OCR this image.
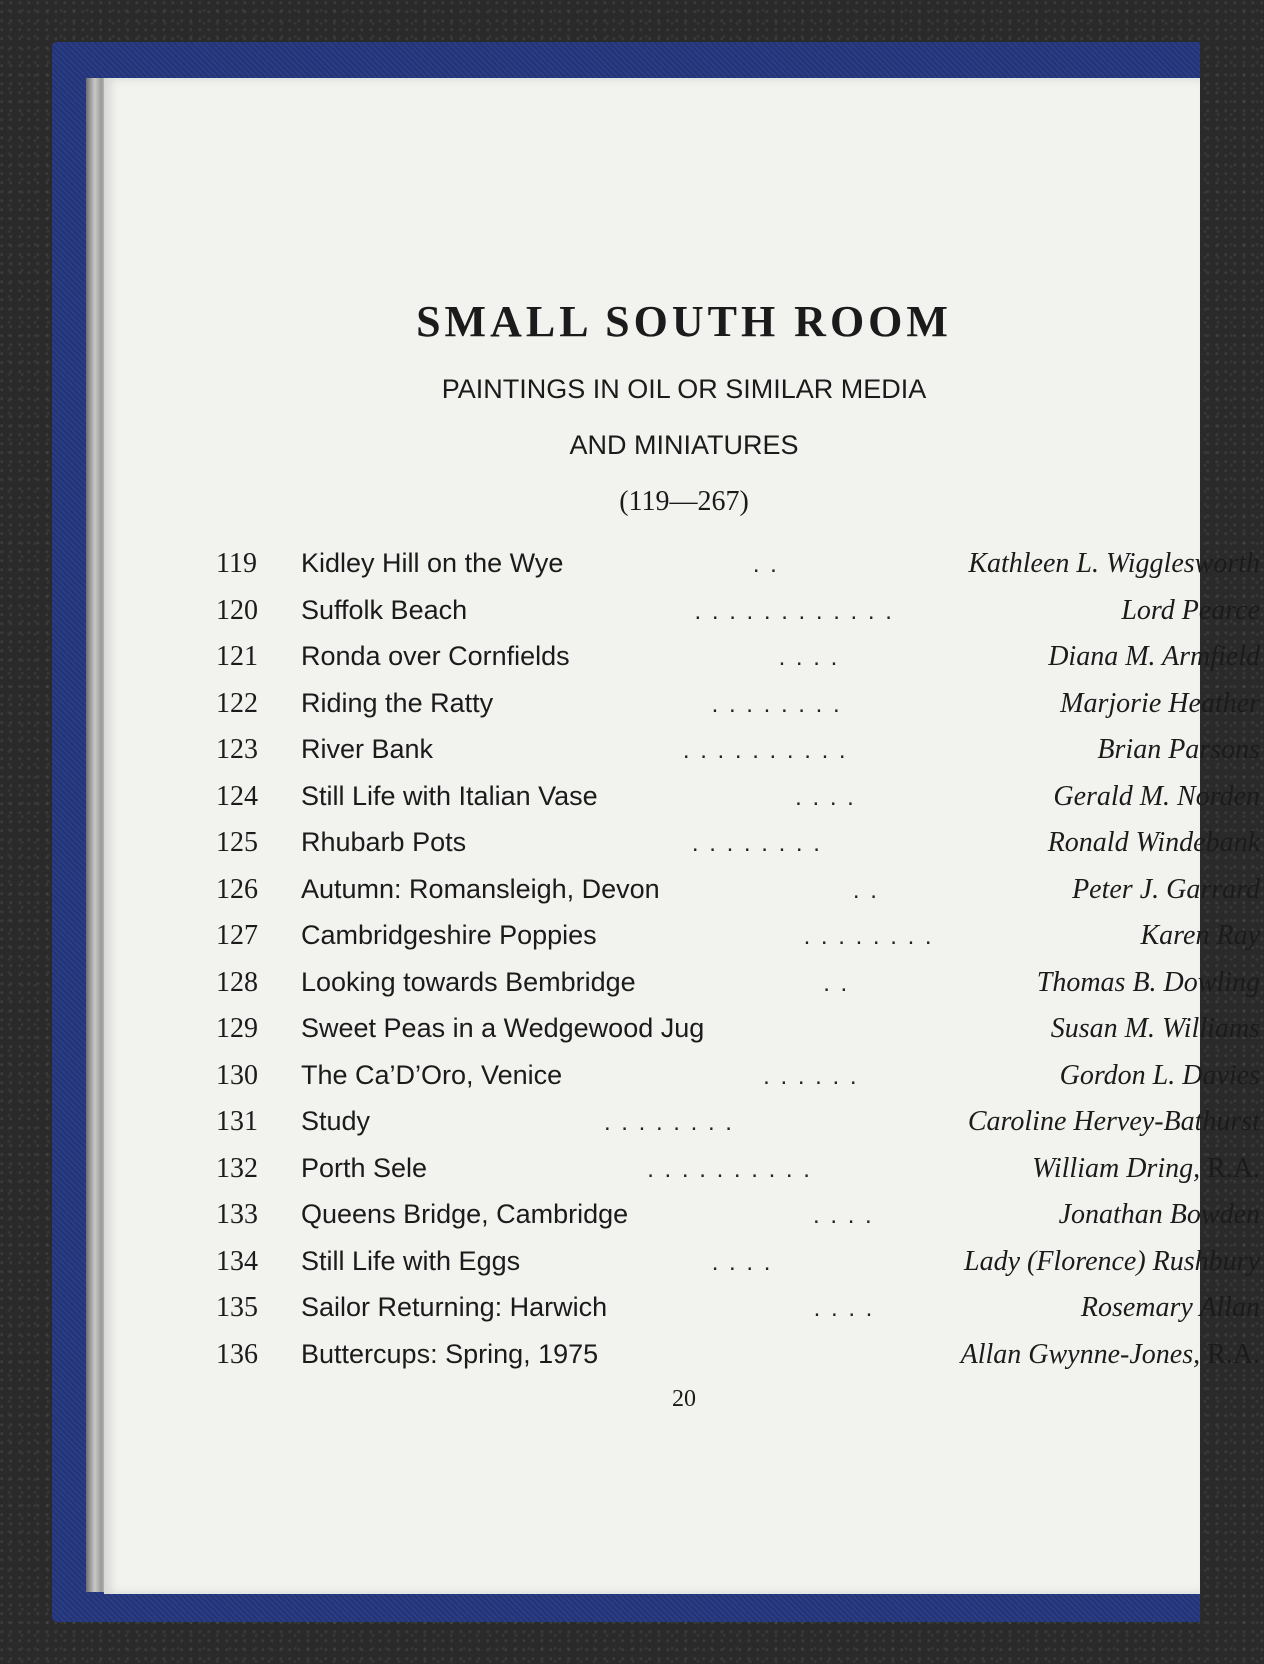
SMALL SOUTH ROOM

PAINTINGS IN OIL OR SIMILAR MEDIA

AND MINIATURES

(119—267)

119	Kidley Hill on the Wye	. .	Kathleen L. Wigglesworth
120	Suffolk Beach	. . . . . . . . . . . .	Lord Pearce
121	Ronda over Cornfields	. . . .	Diana M. Armfield
122	Riding the Ratty	. . . . . . . .	Marjorie Heather
123	River Bank	. . . . . . . . . .	Brian Parsons
124	Still Life with Italian Vase	. . . .	Gerald M. Norden
125	Rhubarb Pots	. . . . . . . .	Ronald Windebank
126	Autumn: Romansleigh, Devon	. .	Peter J. Garrard
127	Cambridgeshire Poppies	. . . . . . . .	Karen Ray
128	Looking towards Bembridge	. .	Thomas B. Dowling
129	Sweet Peas in a Wedgewood Jug	Susan M. Williams
130	The Ca’D’Oro, Venice	. . . . . .	Gordon L. Davies
131	Study	. . . . . . . .	Caroline Hervey-Bathurst
132	Porth Sele	. . . . . . . . . .	William Dring, R.A.
133	Queens Bridge, Cambridge	. . . .	Jonathan Bowden
134	Still Life with Eggs	. . . .	Lady (Florence) Rushbury
135	Sailor Returning: Harwich	. . . .	Rosemary Allan
136	Buttercups: Spring, 1975	Allan Gwynne-Jones, R.A.

20
